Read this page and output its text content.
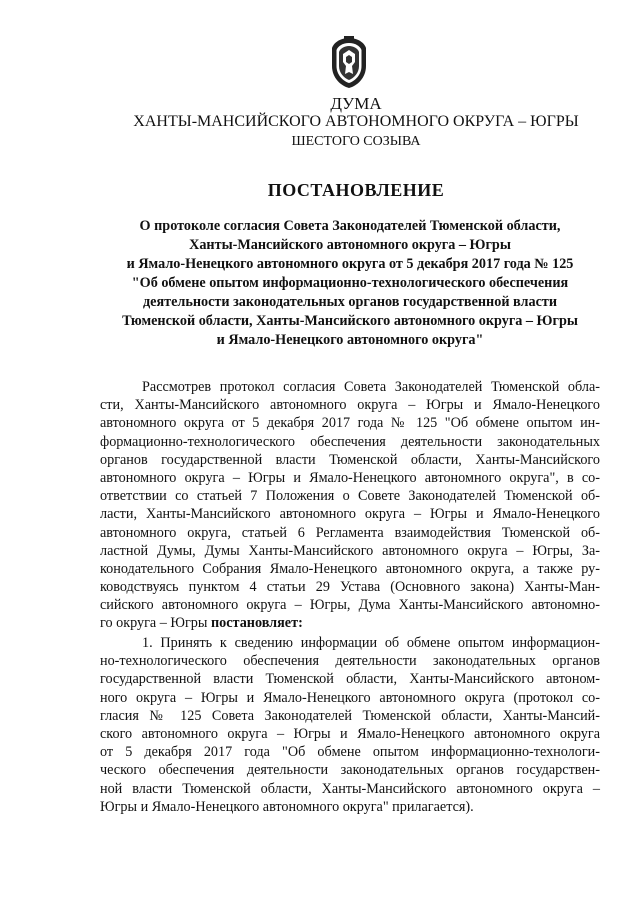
ДУМА
ХАНТЫ-МАНСИЙСКОГО АВТОНОМНОГО ОКРУГА – ЮГРЫ
ШЕСТОГО СОЗЫВА
ПОСТАНОВЛЕНИЕ
О протоколе согласия Совета Законодателей Тюменской области,
Ханты-Мансийского автономного округа – Югры
и Ямало-Ненецкого автономного округа от 5 декабря 2017 года № 125
"Об обмене опытом информационно-технологического обеспечения
деятельности законодательных органов государственной власти
Тюменской области, Ханты-Мансийского автономного округа – Югры
и Ямало-Ненецкого автономного округа"
Рассмотрев протокол согласия Совета Законодателей Тюменской обла-
сти, Ханты-Мансийского автономного округа – Югры и Ямало-Ненецкого
автономного округа от 5 декабря 2017 года № 125 "Об обмене опытом ин-
формационно-технологического обеспечения деятельности законодательных
органов государственной власти Тюменской области, Ханты-Мансийского
автономного округа – Югры и Ямало-Ненецкого автономного округа", в со-
ответствии со статьей 7 Положения о Совете Законодателей Тюменской об-
ласти, Ханты-Мансийского автономного округа – Югры и Ямало-Ненецкого
автономного округа, статьей 6 Регламента взаимодействия Тюменской об-
ластной Думы, Думы Ханты-Мансийского автономного округа – Югры, За-
конодательного Собрания Ямало-Ненецкого автономного округа, а также ру-
ководствуясь пунктом 4 статьи 29 Устава (Основного закона) Ханты-Ман-
сийского автономного округа – Югры, Дума Ханты-Мансийского автономно-
го округа – Югры постановляет:
1. Принять к сведению информации об обмене опытом информацион-
но-технологического обеспечения деятельности законодательных органов
государственной власти Тюменской области, Ханты-Мансийского автоном-
ного округа – Югры и Ямало-Ненецкого автономного округа (протокол со-
гласия № 125 Совета Законодателей Тюменской области, Ханты-Мансий-
ского автономного округа – Югры и Ямало-Ненецкого автономного округа
от 5 декабря 2017 года "Об обмене опытом информационно-технологи-
ческого обеспечения деятельности законодательных органов государствен-
ной власти Тюменской области, Ханты-Мансийского автономного округа –
Югры и Ямало-Ненецкого автономного округа" прилагается).
